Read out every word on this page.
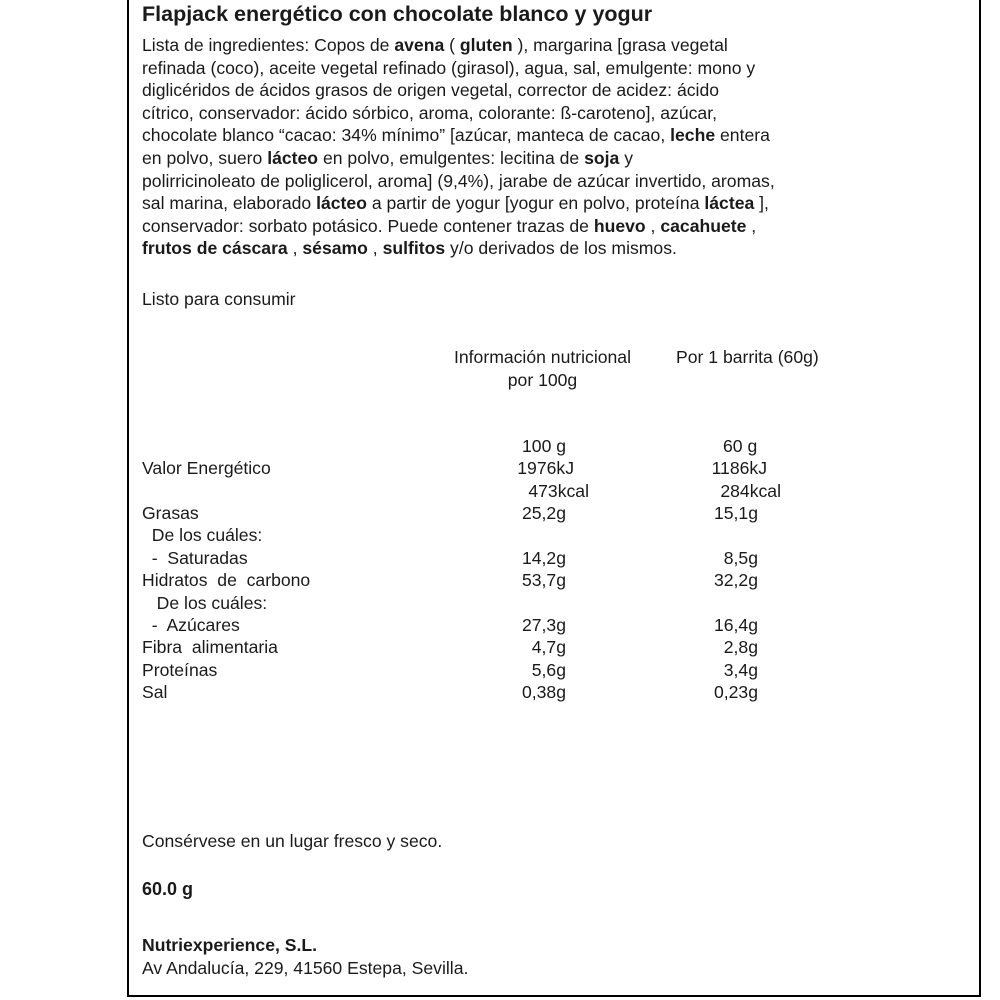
Flapjack energético con chocolate blanco y yogur
Lista de ingredientes: Copos de avena ( gluten ), margarina [grasa vegetal
refinada (coco), aceite vegetal refinado (girasol), agua, sal, emulgente: mono y
diglicéridos de ácidos grasos de origen vegetal, corrector de acidez: ácido
cítrico, conservador: ácido sórbico, aroma, colorante: ß-caroteno], azúcar,
chocolate blanco “cacao: 34% mínimo” [azúcar, manteca de cacao, leche entera
en polvo, suero lácteo en polvo, emulgentes: lecitina de soja y
polirricinoleato de poliglicerol, aroma] (9,4%), jarabe de azúcar invertido, aromas,
sal marina, elaborado lácteo a partir de yogur [yogur en polvo, proteína láctea ],
conservador: sorbato potásico. Puede contener trazas de huevo , cacahuete ,
frutos de cáscara , sésamo , sulfitos y/o derivados de los mismos.
Listo para consumir
Información nutricional
por 100g
Por 1 barrita (60g)
100 g	60 g
Valor Energético	1976kJ	1186kJ
473kcal	284kcal
Grasas	25,2g	15,1g
De los cuáles:
-  Saturadas	14,2g	8,5g
Hidratos  de  carbono	53,7g	32,2g
De los cuáles:
-  Azúcares	27,3g	16,4g
Fibra  alimentaria	4,7g	2,8g
Proteínas	5,6g	3,4g
Sal	0,38g	0,23g
Consérvese en un lugar fresco y seco.
60.0 g
Nutriexperience, S.L.
Av Andalucía, 229, 41560 Estepa, Sevilla.
